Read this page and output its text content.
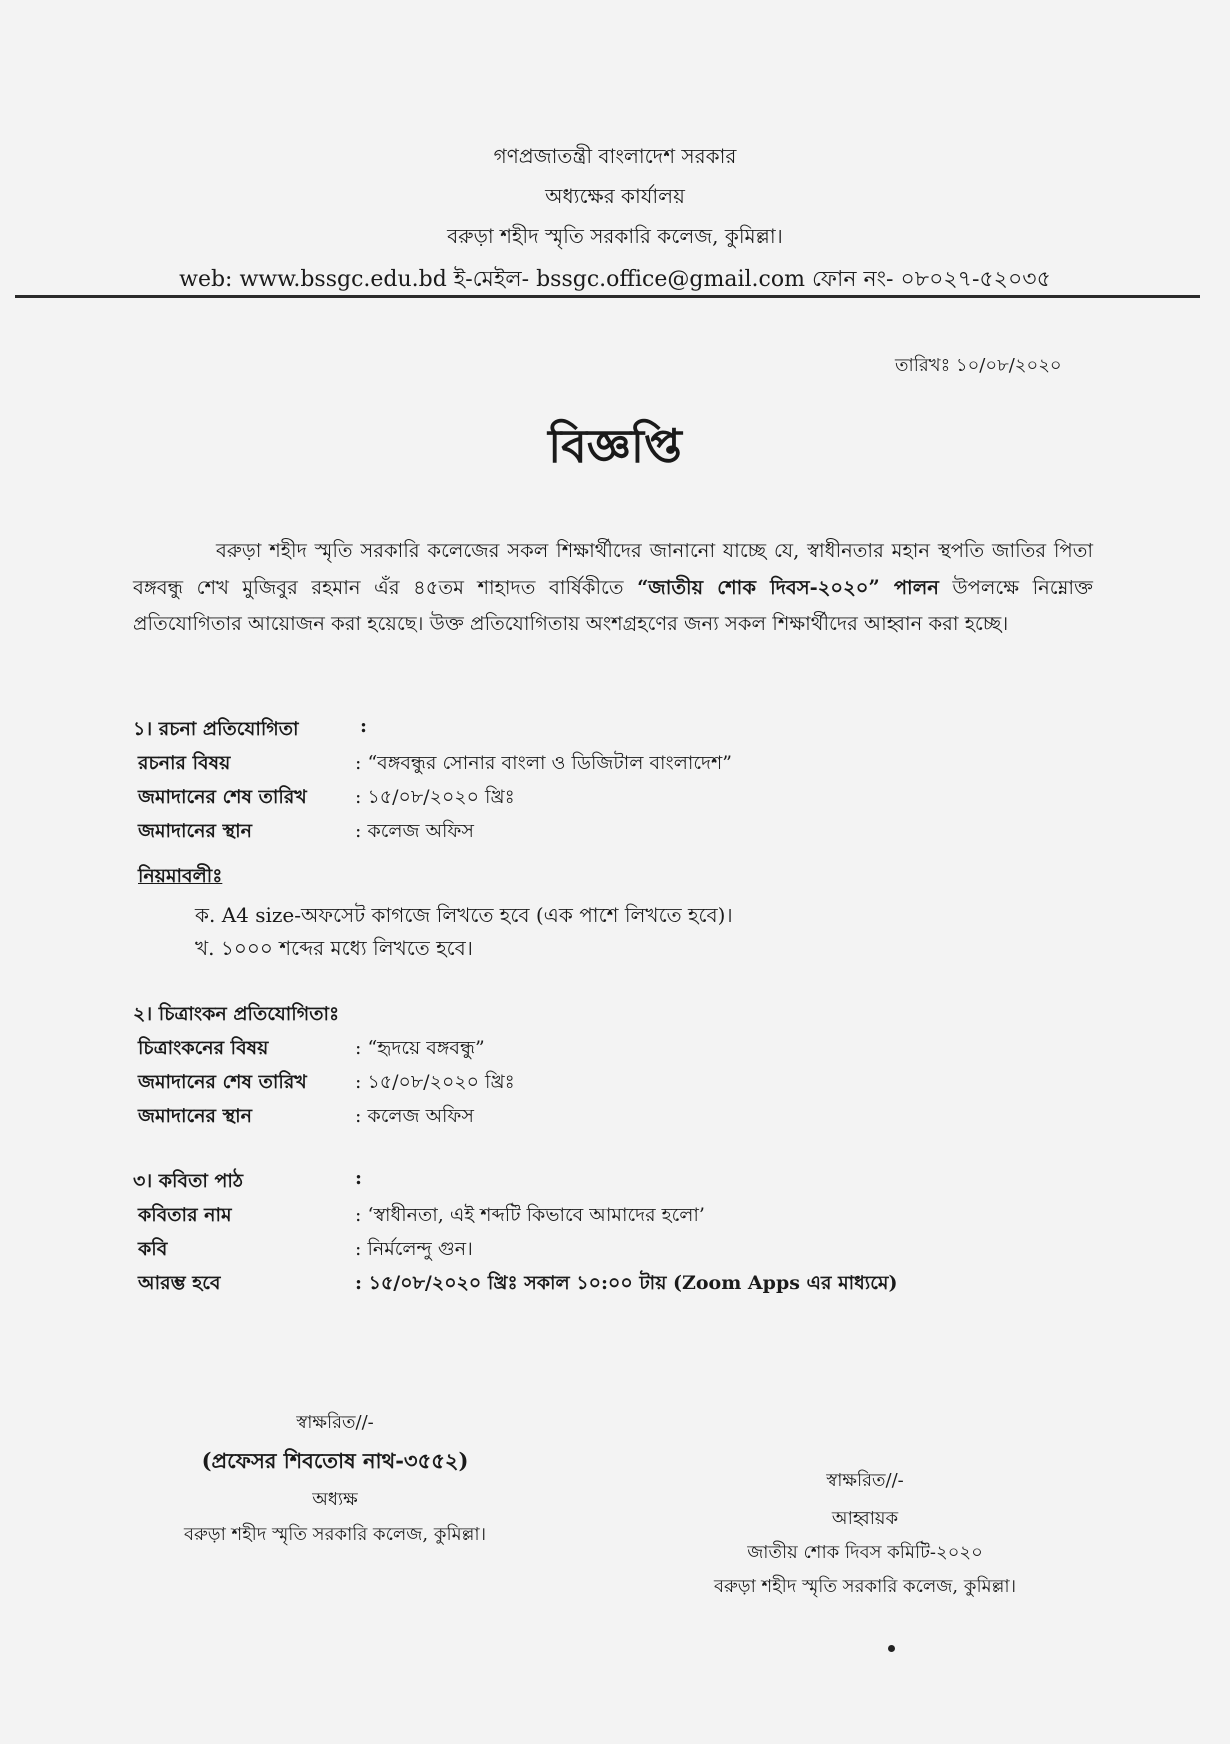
গণপ্রজাতন্ত্রী বাংলাদেশ সরকার
অধ্যক্ষের কার্যালয়
বরুড়া শহীদ স্মৃতি সরকারি কলেজ, কুমিল্লা।
web: www.bssgc.edu.bd ই-মেইল- bssgc.office@gmail.com ফোন নং- ০৮০২৭-৫২০৩৫
তারিখঃ ১০/০৮/২০২০
বিজ্ঞপ্তি
বরুড়া শহীদ স্মৃতি সরকারি কলেজের সকল শিক্ষার্থীদের জানানো যাচ্ছে যে, স্বাধীনতার মহান স্থপতি জাতির পিতা বঙ্গবন্ধু শেখ মুজিবুর রহমান এঁর ৪৫তম শাহাদত বার্ষিকীতে “জাতীয় শোক দিবস-২০২০” পালন উপলক্ষে নিম্নোক্ত প্রতিযোগিতার আয়োজন করা হয়েছে। উক্ত প্রতিযোগিতায় অংশগ্রহণের জন্য সকল শিক্ষার্থীদের আহ্বান করা হচ্ছে।
১। রচনা প্রতিযোগিতা	:
রচনার বিষয়	: “বঙ্গবন্ধুর সোনার বাংলা ও ডিজিটাল বাংলাদেশ”
জমাদানের শেষ তারিখ	: ১৫/০৮/২০২০ খ্রিঃ
জমাদানের স্থান	: কলেজ অফিস
নিয়মাবলীঃ
ক. A4 size-অফসেট কাগজে লিখতে হবে (এক পাশে লিখতে হবে)।
খ. ১০০০ শব্দের মধ্যে লিখতে হবে।
২। চিত্রাংকন প্রতিযোগিতাঃ
চিত্রাংকনের বিষয়	: “হৃদয়ে বঙ্গবন্ধু”
জমাদানের শেষ তারিখ	: ১৫/০৮/২০২০ খ্রিঃ
জমাদানের স্থান	: কলেজ অফিস
৩। কবিতা পাঠ	:
কবিতার নাম	: ‘স্বাধীনতা, এই শব্দটি কিভাবে আমাদের হলো’
কবি	: নির্মলেন্দু গুন।
আরম্ভ হবে	: ১৫/০৮/২০২০ খ্রিঃ সকাল ১০:০০ টায় (Zoom Apps এর মাধ্যমে)
স্বাক্ষরিত//-
(প্রফেসর শিবতোষ নাথ-৩৫৫২)
অধ্যক্ষ
বরুড়া শহীদ স্মৃতি সরকারি কলেজ, কুমিল্লা।
স্বাক্ষরিত//-
আহ্বায়ক
জাতীয় শোক দিবস কমিটি-২০২০
বরুড়া শহীদ স্মৃতি সরকারি কলেজ, কুমিল্লা।
